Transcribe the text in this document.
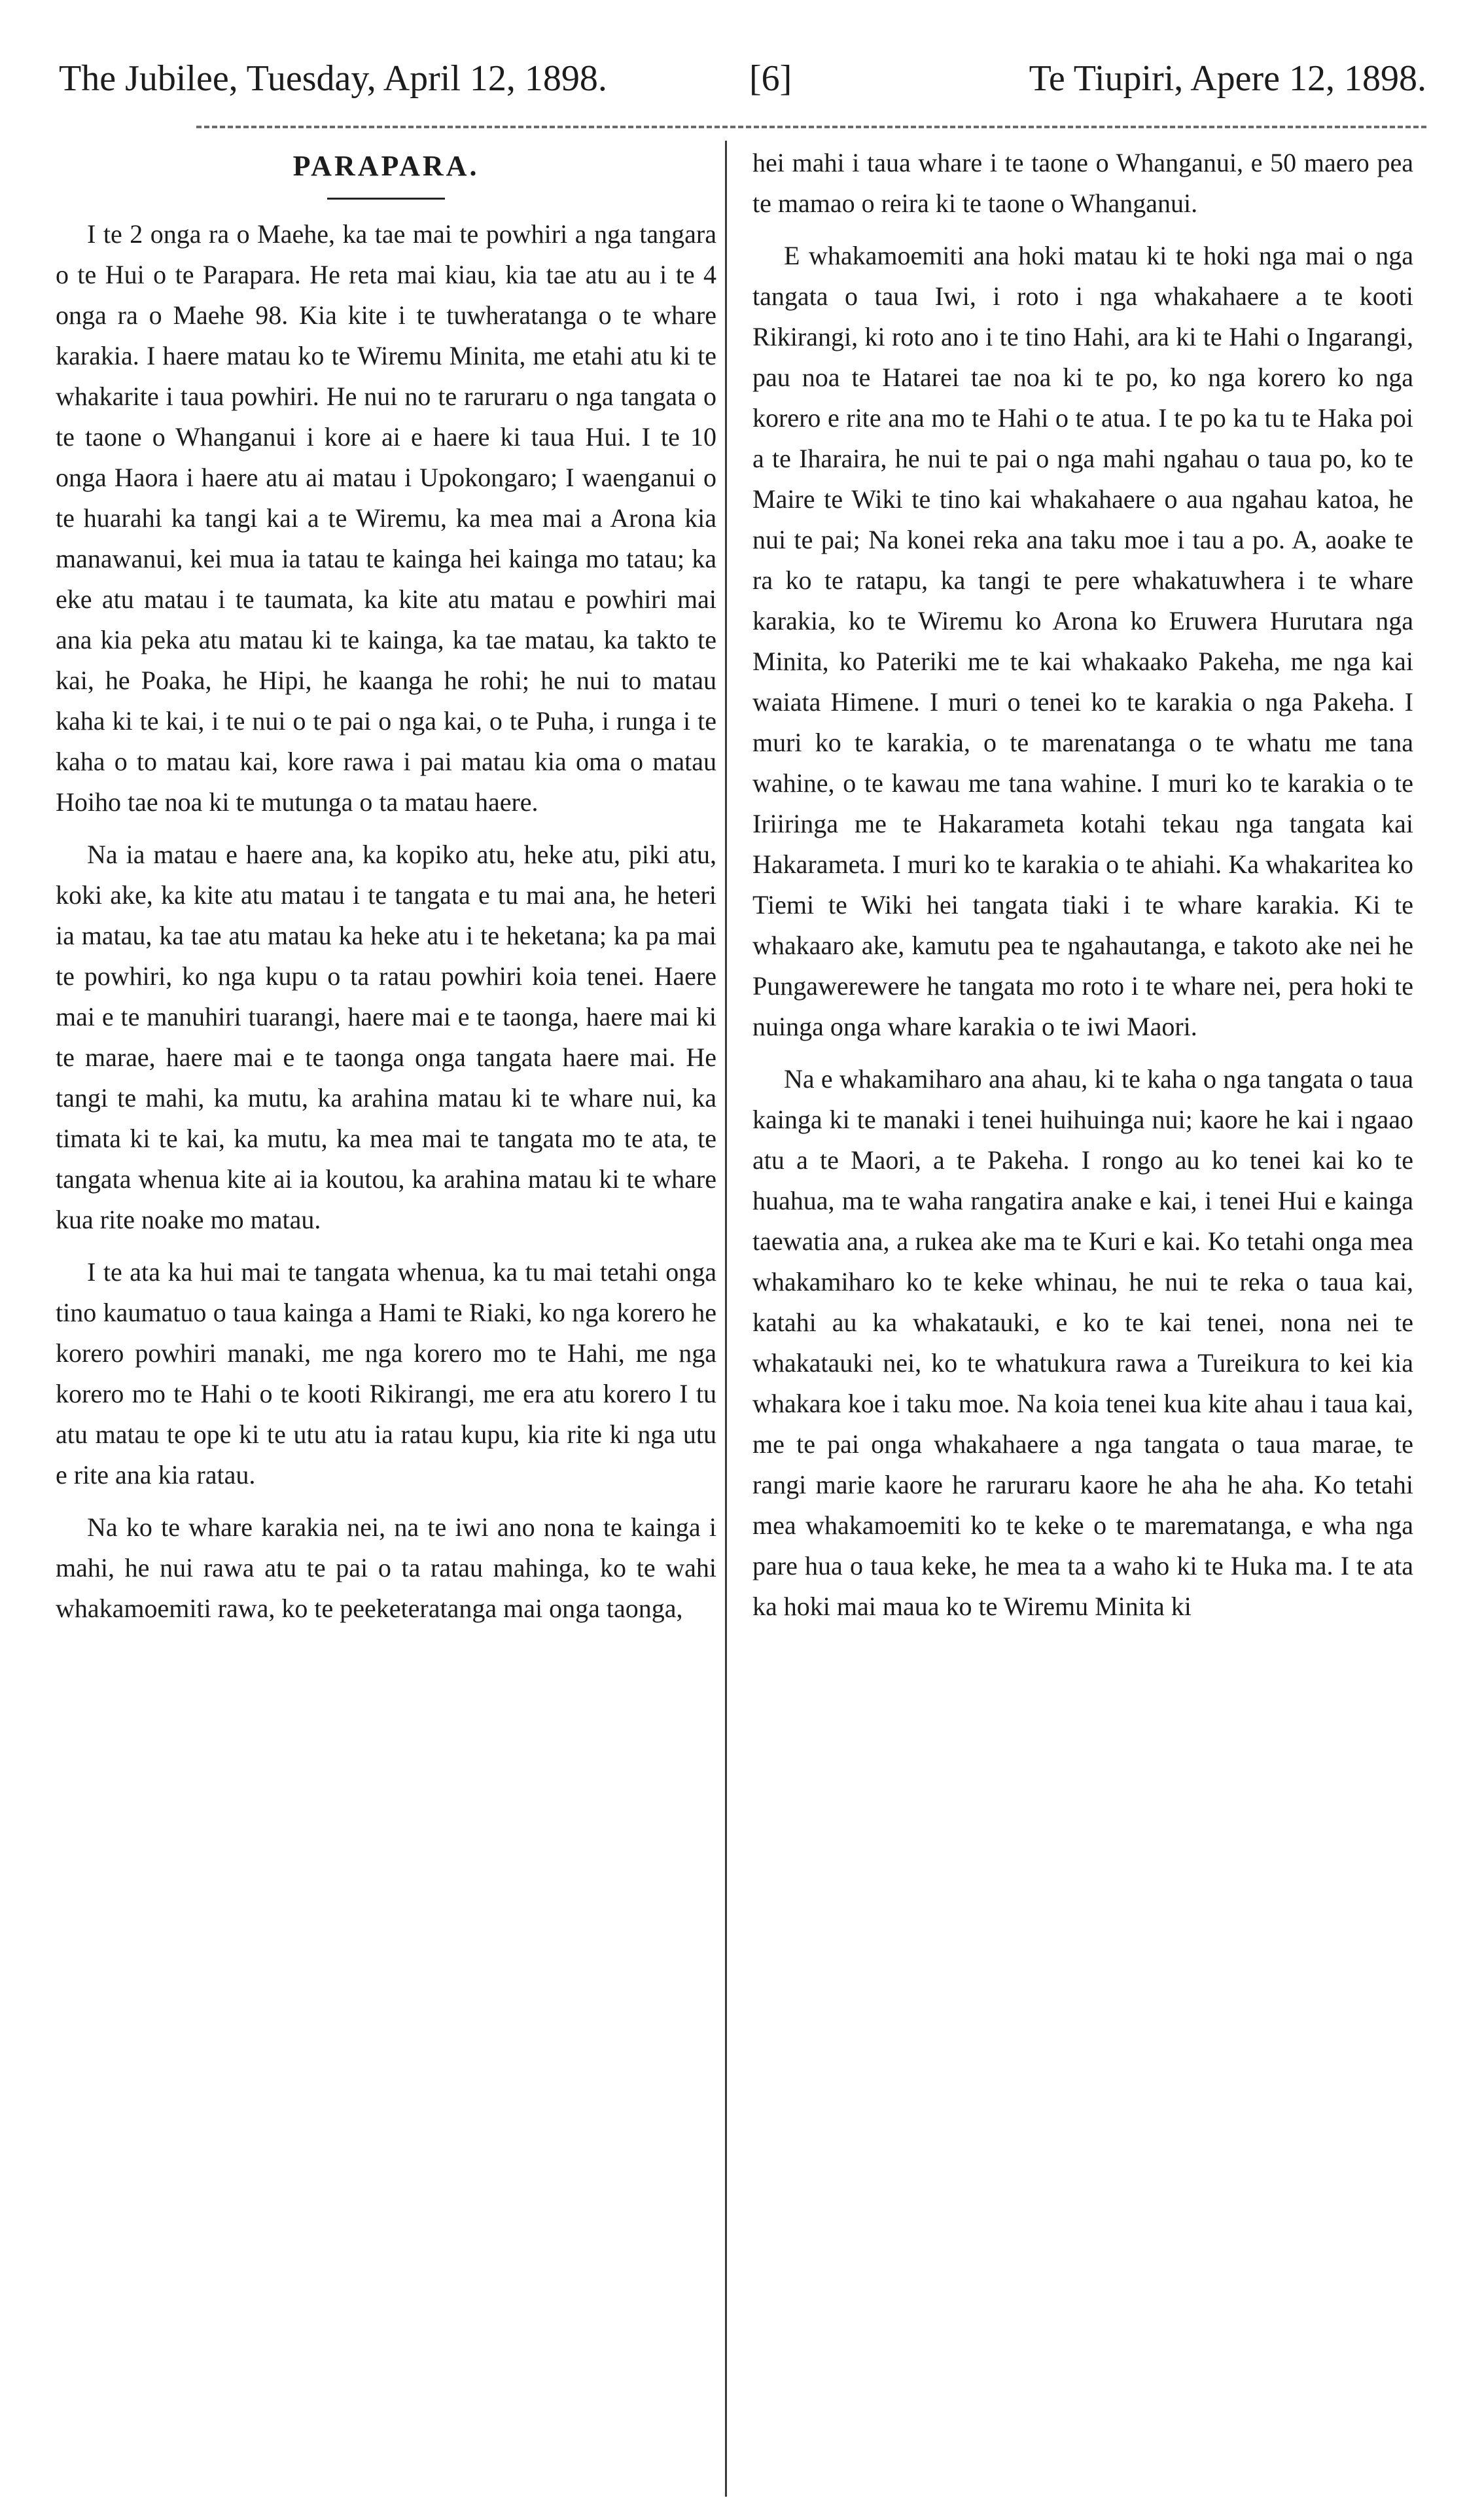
The Jubilee, Tuesday, April 12, 1898.	[6]	Te Tiupiri, Apere 12, 1898.
PARAPARA.

I te 2 onga ra o Maehe, ka tae mai te powhiri a nga tangara o te Hui o te Parapara. He reta mai kiau, kia tae atu au i te 4 onga ra o Maehe 98. Kia kite i te tuwheratanga o te whare karakia. I haere matau ko te Wiremu Minita, me etahi atu ki te whakarite i taua powhiri. He nui no te raruraru o nga tangata o te taone o Whanganui i kore ai e haere ki taua Hui. I te 10 onga Haora i haere atu ai matau i Upokongaro; I waenganui o te huarahi ka tangi kai a te Wiremu, ka mea mai a Arona kia manawanui, kei mua ia tatau te kainga hei kainga mo tatau; ka eke atu matau i te taumata, ka kite atu matau e powhiri mai ana kia peka atu matau ki te kainga, ka tae matau, ka takto te kai, he Poaka, he Hipi, he kaanga he rohi; he nui to matau kaha ki te kai, i te nui o te pai o nga kai, o te Puha, i runga i te kaha o to matau kai, kore rawa i pai matau kia oma o matau Hoiho tae noa ki te mutunga o ta matau haere.

Na ia matau e haere ana, ka kopiko atu, heke atu, piki atu, koki ake, ka kite atu matau i te tangata e tu mai ana, he heteri ia matau, ka tae atu matau ka heke atu i te heketana; ka pa mai te powhiri, ko nga kupu o ta ratau powhiri koia tenei. Haere mai e te manuhiri tuarangi, haere mai e te taonga, haere mai ki te marae, haere mai e te taonga onga tangata haere mai. He tangi te mahi, ka mutu, ka arahina matau ki te whare nui, ka timata ki te kai, ka mutu, ka mea mai te tangata mo te ata, te tangata whenua kite ai ia koutou, ka arahina matau ki te whare kua rite noake mo matau.

I te ata ka hui mai te tangata whenua, ka tu mai tetahi onga tino kaumatuo o taua kainga a Hami te Riaki, ko nga korero he korero powhiri manaki, me nga korero mo te Hahi, me nga korero mo te Hahi o te kooti Rikirangi, me era atu korero I tu atu matau te ope ki te utu atu ia ratau kupu, kia rite ki nga utu e rite ana kia ratau.

Na ko te whare karakia nei, na te iwi ano nona te kainga i mahi, he nui rawa atu te pai o ta ratau mahinga, ko te wahi whakamoemiti rawa, ko te peeketeratanga mai onga taonga,

hei mahi i taua whare i te taone o Whanganui, e 50 maero pea te mamao o reira ki te taone o Whanganui.

E whakamoemiti ana hoki matau ki te hoki nga mai o nga tangata o taua Iwi, i roto i nga whakahaere a te kooti Rikirangi, ki roto ano i te tino Hahi, ara ki te Hahi o Ingarangi, pau noa te Hatarei tae noa ki te po, ko nga korero ko nga korero e rite ana mo te Hahi o te atua. I te po ka tu te Haka poi a te Iharaira, he nui te pai o nga mahi ngahau o taua po, ko te Maire te Wiki te tino kai whakahaere o aua ngahau katoa, he nui te pai; Na konei reka ana taku moe i tau a po. A, aoake te ra ko te ratapu, ka tangi te pere whakatuwhera i te whare karakia, ko te Wiremu ko Arona ko Eruwera Hurutara nga Minita, ko Pateriki me te kai whakaako Pakeha, me nga kai waiata Himene. I muri o tenei ko te karakia o nga Pakeha. I muri ko te karakia, o te marenatanga o te whatu me tana wahine, o te kawau me tana wahine. I muri ko te karakia o te Iriiringa me te Hakarameta kotahi tekau nga tangata kai Hakarameta. I muri ko te karakia o te ahiahi. Ka whakaritea ko Tiemi te Wiki hei tangata tiaki i te whare karakia. Ki te whakaaro ake, kamutu pea te ngahautanga, e takoto ake nei he Pungawerewere he tangata mo roto i te whare nei, pera hoki te nuinga onga whare karakia o te iwi Maori.

Na e whakamiharo ana ahau, ki te kaha o nga tangata o taua kainga ki te manaki i tenei huihuinga nui; kaore he kai i ngaao atu a te Maori, a te Pakeha. I rongo au ko tenei kai ko te huahua, ma te waha rangatira anake e kai, i tenei Hui e kainga taewatia ana, a rukea ake ma te Kuri e kai. Ko tetahi onga mea whakamiharo ko te keke whinau, he nui te reka o taua kai, katahi au ka whakatauki, e ko te kai tenei, nona nei te whakatauki nei, ko te whatukura rawa a Tureikura to kei kia whakara koe i taku moe. Na koia tenei kua kite ahau i taua kai, me te pai onga whakahaere a nga tangata o taua marae, te rangi marie kaore he raruraru kaore he aha he aha. Ko tetahi mea whakamoemiti ko te keke o te marematanga, e wha nga pare hua o taua keke, he mea ta a waho ki te Huka ma. I te ata ka hoki mai maua ko te Wiremu Minita ki
